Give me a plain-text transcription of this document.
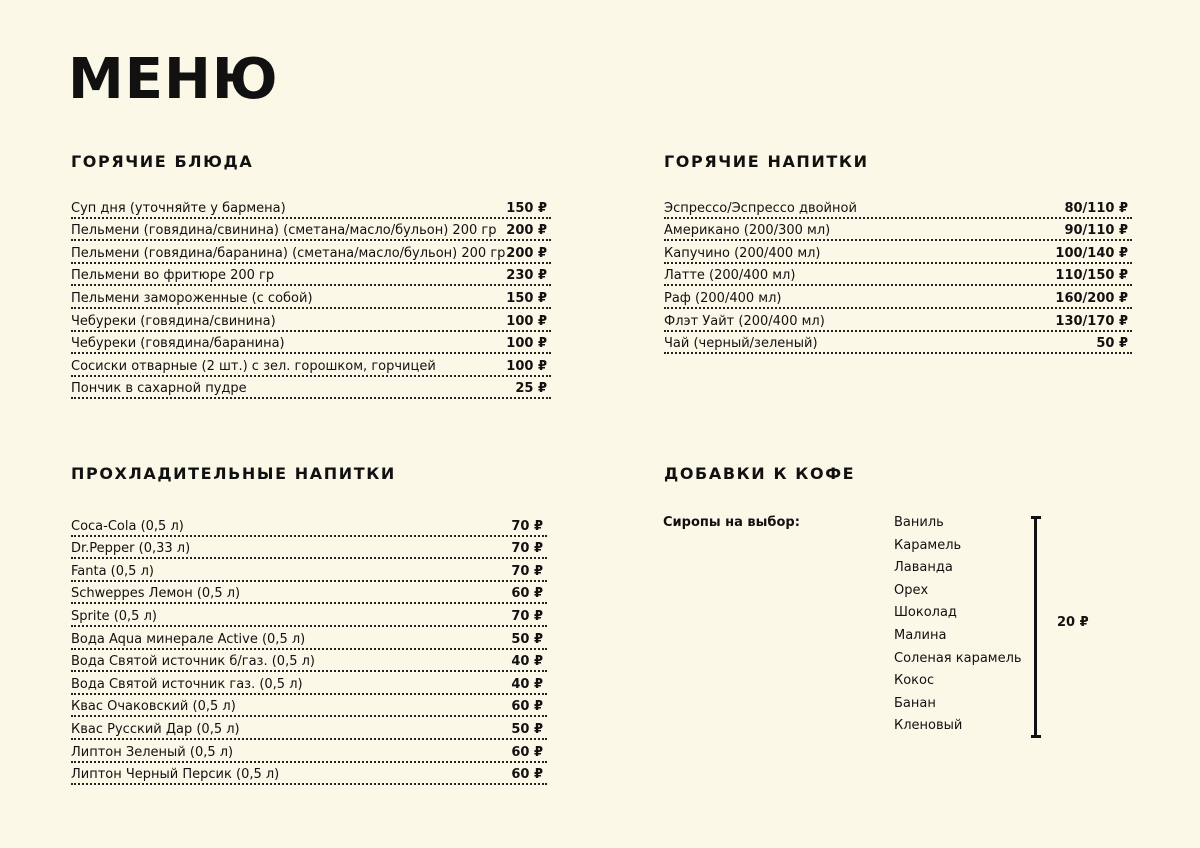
МЕНЮ
ГОРЯЧИЕ БЛЮДА
Суп дня (уточняйте у бармена)	150 ₽
Пельмени (говядина/свинина) (сметана/масло/бульон) 200 гр 200 ₽
Пельмени (говядина/баранина) (сметана/масло/бульон) 200 гр 200 ₽
Пельмени во фритюре 200 гр	230 ₽
Пельмени замороженные (с собой)	150 ₽
Чебуреки (говядина/свинина)	100 ₽
Чебуреки (говядина/баранина)	100 ₽
Сосиски отварные (2 шт.) с зел. горошком, горчицей	100 ₽
Пончик в сахарной пудре	25 ₽
ГОРЯЧИЕ НАПИТКИ
Эспрессо/Эспрессо двойной	80/110 ₽
Американо (200/300 мл)	90/110 ₽
Капучино (200/400 мл)	100/140 ₽
Латте (200/400 мл)	110/150 ₽
Раф (200/400 мл)	160/200 ₽
Флэт Уайт (200/400 мл)	130/170 ₽
Чай (черный/зеленый)	50 ₽
ПРОХЛАДИТЕЛЬНЫЕ НАПИТКИ
Coca-Cola (0,5 л)	70 ₽
Dr.Pepper (0,33 л)	70 ₽
Fanta (0,5 л)	70 ₽
Schweppes Лемон (0,5 л)	60 ₽
Sprite (0,5 л)	70 ₽
Вода Aqua минерале Active (0,5 л)	50 ₽
Вода Святой источник б/газ. (0,5 л)	40 ₽
Вода Святой источник газ. (0,5 л)	40 ₽
Квас Очаковский (0,5 л)	60 ₽
Квас Русский Дар (0,5 л)	50 ₽
Липтон Зеленый (0,5 л)	60 ₽
Липтон Черный Персик (0,5 л)	60 ₽
ДОБАВКИ К КОФЕ

Сиропы на выбор:	Ваниль
Карамель
Лаванда
Орех
Шоколад
Малина
Соленая карамель
Кокос
Банан
Кленовый

20 ₽
